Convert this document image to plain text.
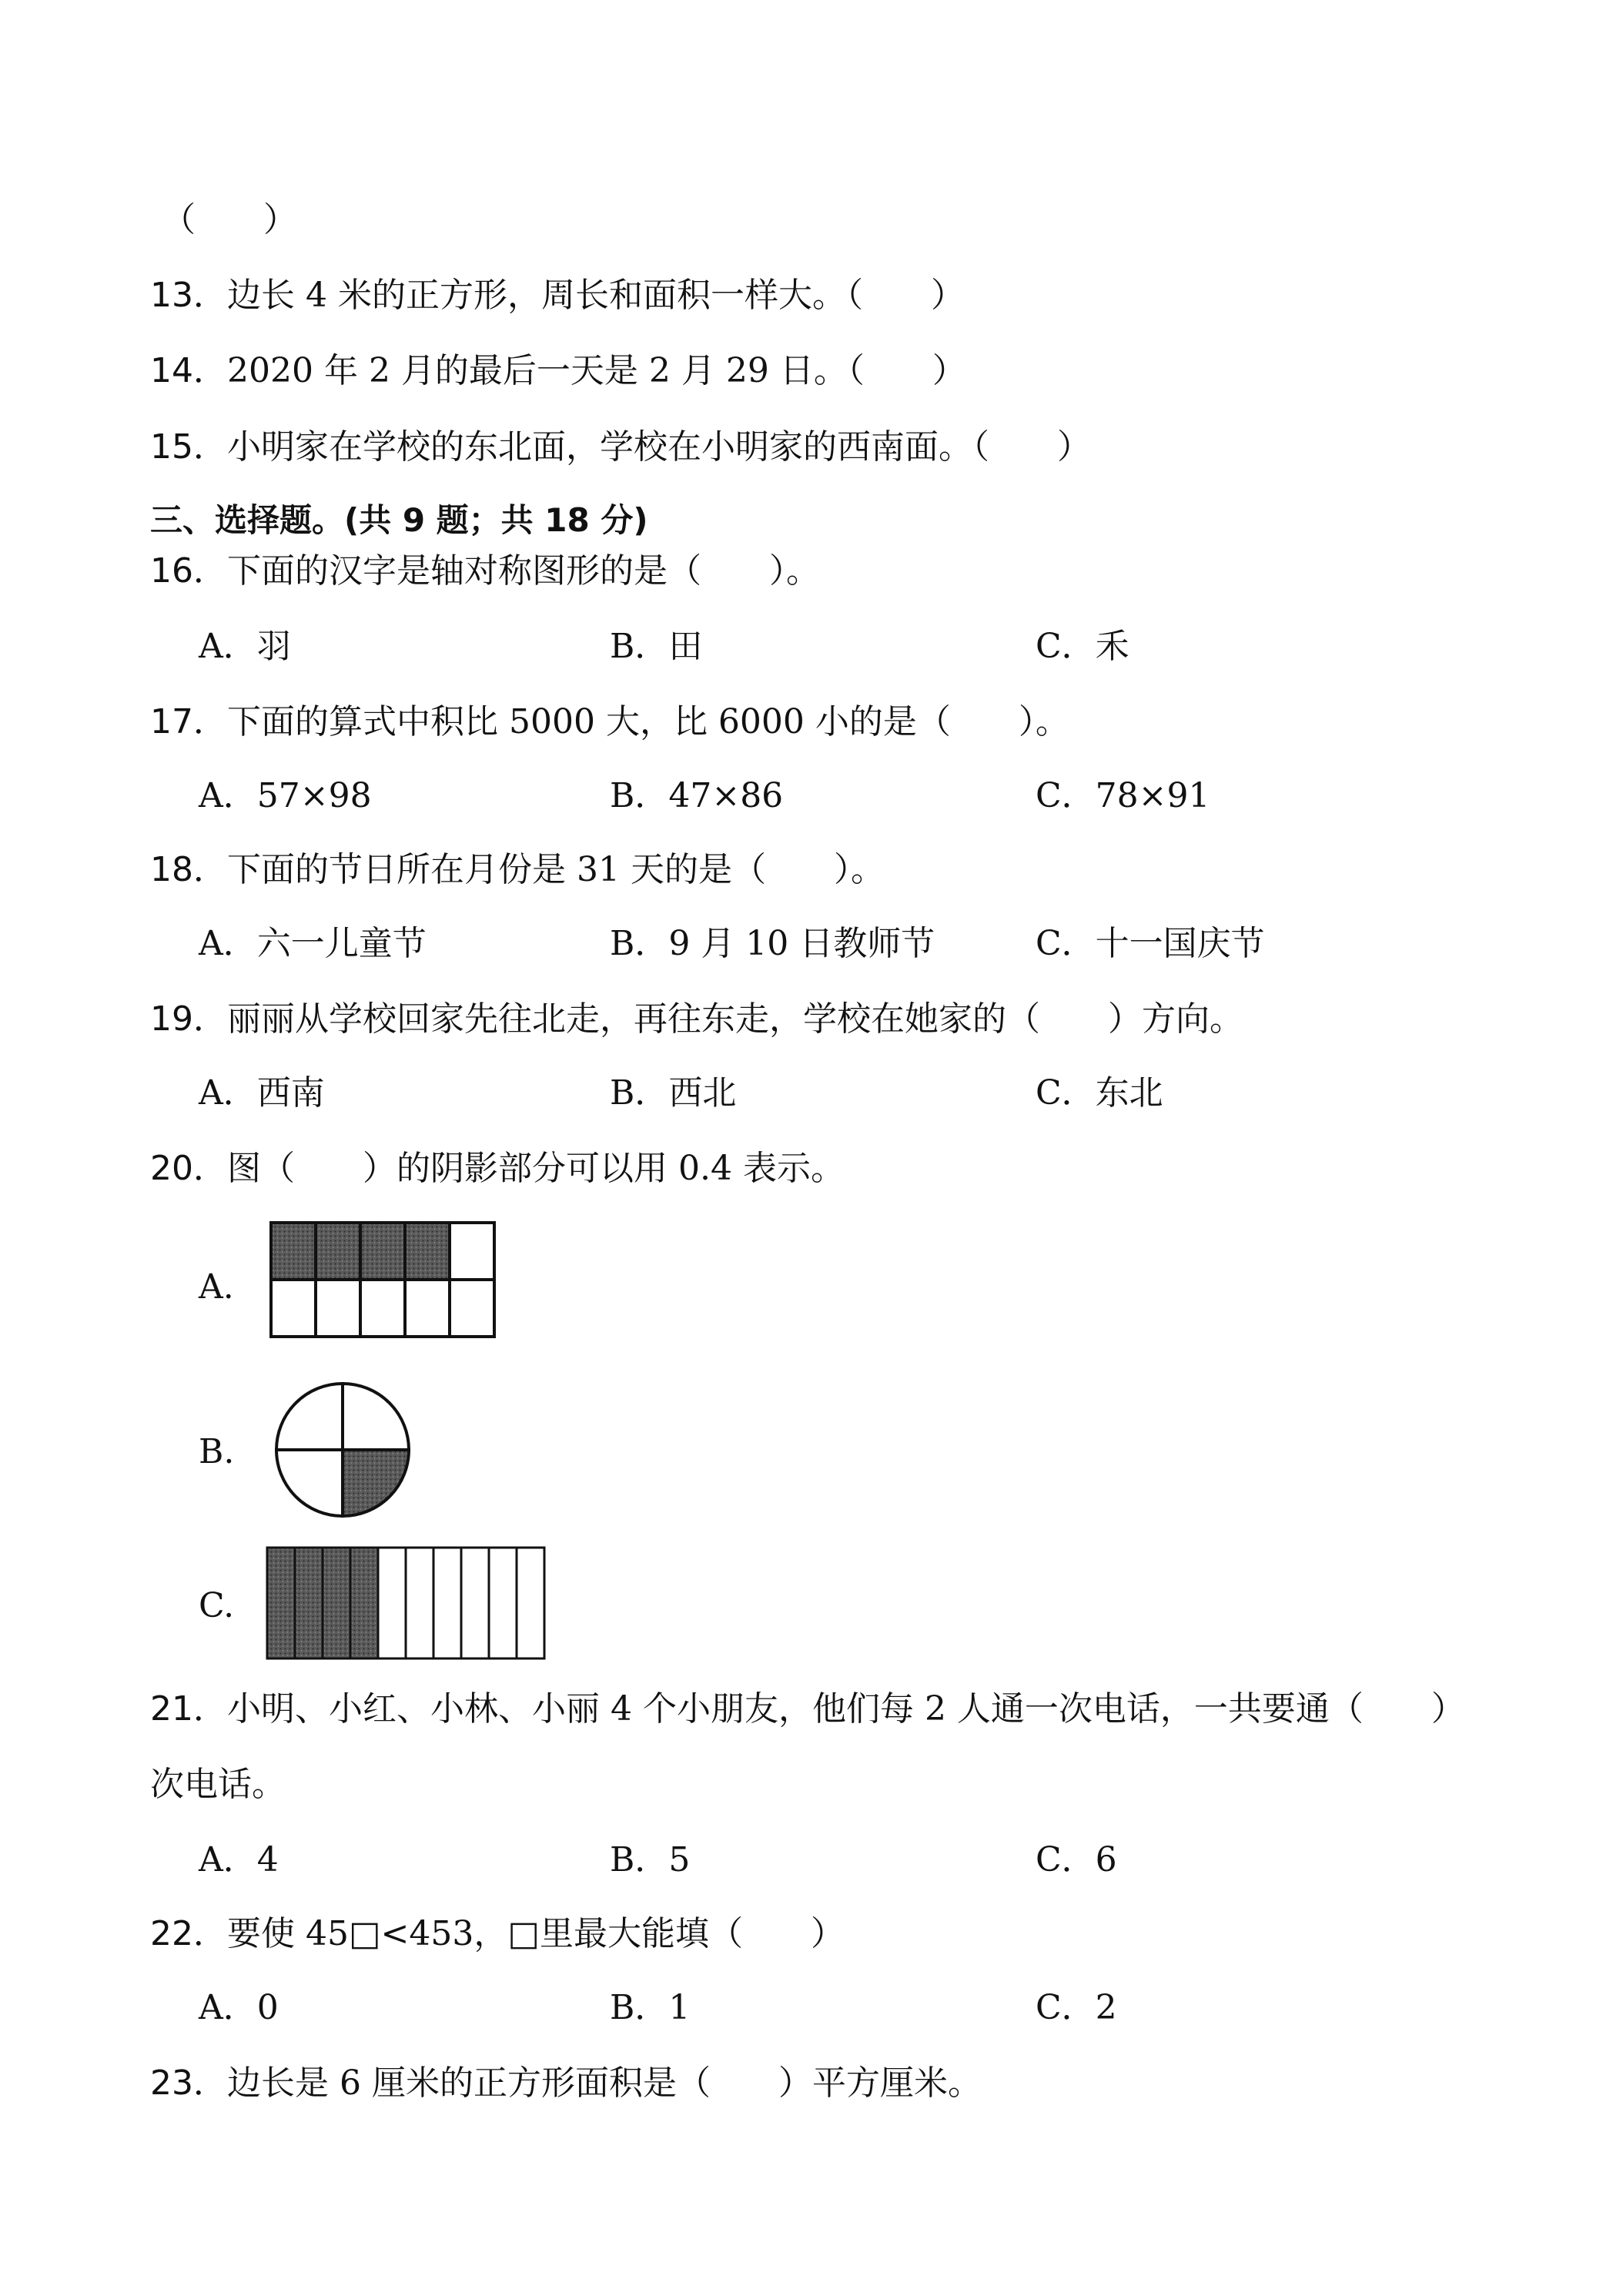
（　　）
13．边长 4 米的正方形，周长和面积一样大。（　　）
14．2020 年 2 月的最后一天是 2 月 29 日。（　　）
15．小明家在学校的东北面，学校在小明家的西南面。（　　）
三、选择题。(共 9 题；共 18 分)
16．下面的汉字是轴对称图形的是（　　）。
A．羽	B．田	C．禾
17．下面的算式中积比 5000 大，比 6000 小的是（　　）。
A．57×98	B．47×86	C．78×91
18．下面的节日所在月份是 31 天的是（　　）。
A．六一儿童节	B．9 月 10 日教师节	C．十一国庆节
19．丽丽从学校回家先往北走，再往东走，学校在她家的（　　）方向。
A．西南	B．西北	C．东北
20．图（　　）的阴影部分可以用 0.4 表示。
A.
B.
C.
21．小明、小红、小林、小丽 4 个小朋友，他们每 2 人通一次电话，一共要通（　　）
次电话。
A．4	B．5	C．6
22．要使 45□<453，□里最大能填（　　）
A．0	B．1	C．2
23．边长是 6 厘米的正方形面积是（　　）平方厘米。
